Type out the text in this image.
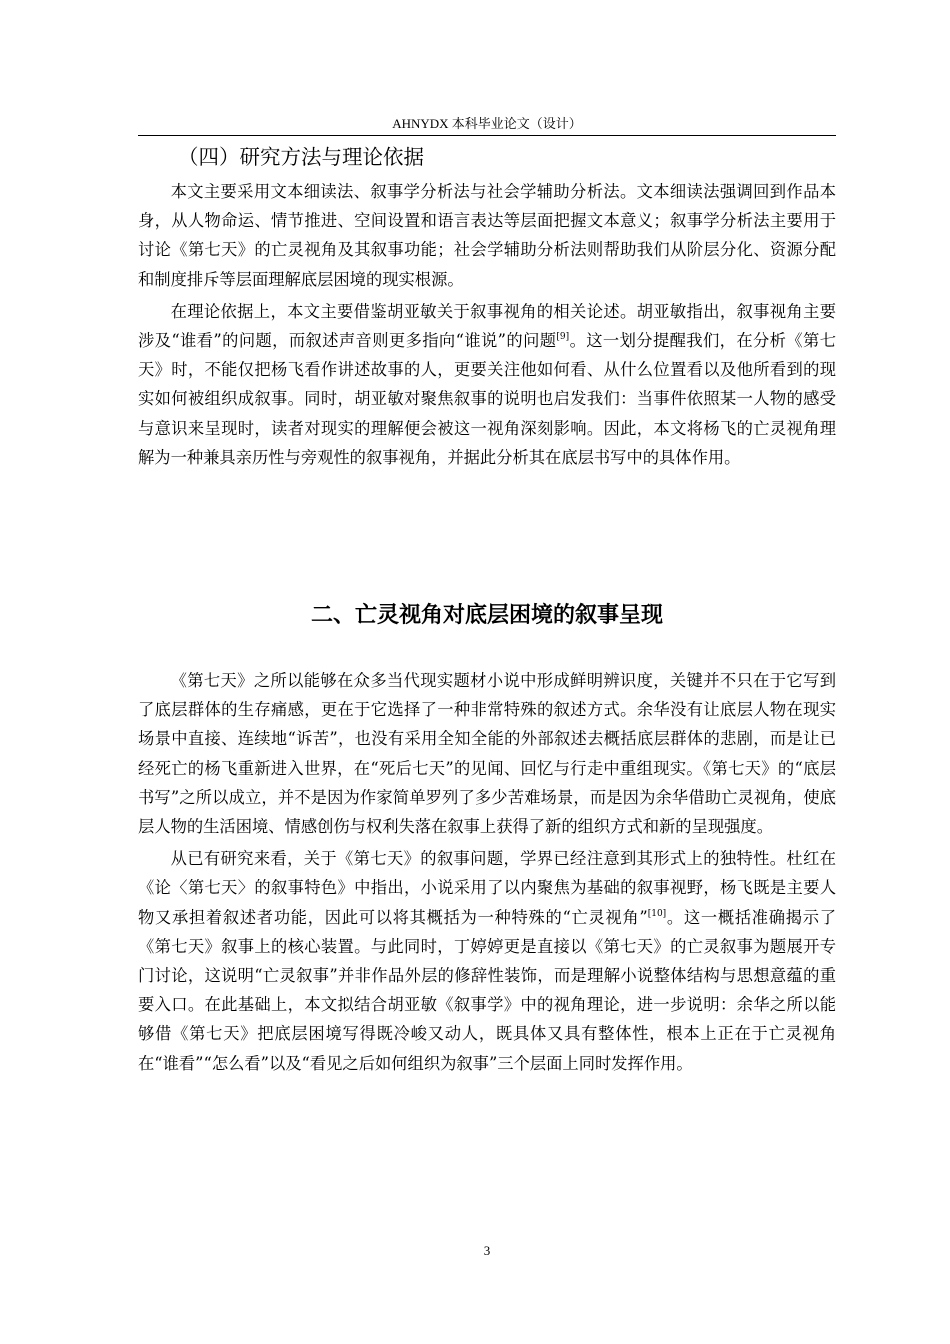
AHNYDX 本科毕业论文（设计）
（四）研究方法与理论依据

本文主要采用文本细读法、叙事学分析法与社会学辅助分析法。文本细读法强调回到作品本身，从人物命运、情节推进、空间设置和语言表达等层面把握文本意义；叙事学分析法主要用于讨论《第七天》的亡灵视角及其叙事功能；社会学辅助分析法则帮助我们从阶层分化、资源分配和制度排斥等层面理解底层困境的现实根源。

在理论依据上，本文主要借鉴胡亚敏关于叙事视角的相关论述。胡亚敏指出，叙事视角主要涉及“谁看”的问题，而叙述声音则更多指向“谁说”的问题[9]。这一划分提醒我们，在分析《第七天》时，不能仅把杨飞看作讲述故事的人，更要关注他如何看、从什么位置看以及他所看到的现实如何被组织成叙事。同时，胡亚敏对聚焦叙事的说明也启发我们：当事件依照某一人物的感受与意识来呈现时，读者对现实的理解便会被这一视角深刻影响。因此，本文将杨飞的亡灵视角理解为一种兼具亲历性与旁观性的叙事视角，并据此分析其在底层书写中的具体作用。

二、亡灵视角对底层困境的叙事呈现

《第七天》之所以能够在众多当代现实题材小说中形成鲜明辨识度，关键并不只在于它写到了底层群体的生存痛感，更在于它选择了一种非常特殊的叙述方式。余华没有让底层人物在现实场景中直接、连续地“诉苦”，也没有采用全知全能的外部叙述去概括底层群体的悲剧，而是让已经死亡的杨飞重新进入世界，在“死后七天”的见闻、回忆与行走中重组现实。《第七天》的“底层书写”之所以成立，并不是因为作家简单罗列了多少苦难场景，而是因为余华借助亡灵视角，使底层人物的生活困境、情感创伤与权利失落在叙事上获得了新的组织方式和新的呈现强度。

从已有研究来看，关于《第七天》的叙事问题，学界已经注意到其形式上的独特性。杜红在《论〈第七天〉的叙事特色》中指出，小说采用了以内聚焦为基础的叙事视野，杨飞既是主要人物又承担着叙述者功能，因此可以将其概括为一种特殊的“亡灵视角”[10]。这一概括准确揭示了《第七天》叙事上的核心装置。与此同时，丁婷婷更是直接以《第七天》的亡灵叙事为题展开专门讨论，这说明“亡灵叙事”并非作品外层的修辞性装饰，而是理解小说整体结构与思想意蕴的重要入口。在此基础上，本文拟结合胡亚敏《叙事学》中的视角理论，进一步说明：余华之所以能够借《第七天》把底层困境写得既冷峻又动人，既具体又具有整体性，根本上正在于亡灵视角在“谁看”“怎么看”以及“看见之后如何组织为叙事”三个层面上同时发挥作用。

3
